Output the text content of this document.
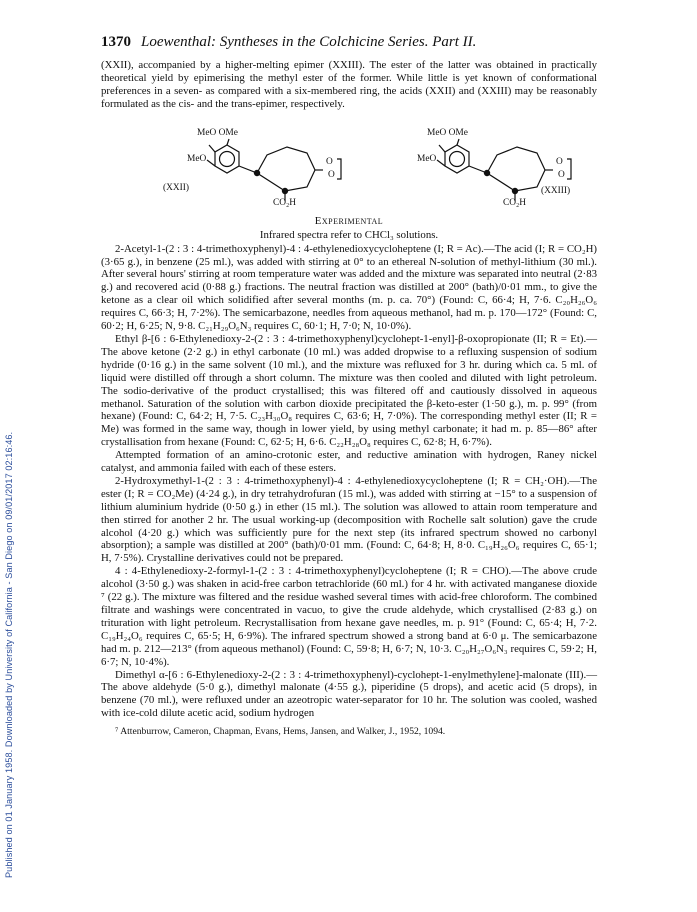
Published on 01 January 1958. Downloaded by University of California - San Diego on 09/01/2017 02:16:46.
1370 Loewenthal: Syntheses in the Colchicine Series. Part II.

(XXII), accompanied by a higher-melting epimer (XXIII). The ester of the latter was obtained in practically theoretical yield by epimerising the methyl ester of the former. While little is yet known of conformational preferences in a seven- as compared with a six-membered ring, the acids (XXII) and (XXIII) may be reasonably formulated as the cis- and the trans-epimer, respectively.

MeO OMe
MeO
(XXII)
CO₂H
O
O
MeO OMe
MeO
CO₂H
O
O
(XXIII)
Experimental
Infrared spectra refer to CHCl₃ solutions.

2-Acetyl-1-(2 : 3 : 4-trimethoxyphenyl)-4 : 4-ethylenedioxycycloheptene (I; R = Ac).—The acid (I; R = CO₂H) (3·65 g.), in benzene (25 ml.), was added with stirring at 0° to an ethereal N-solution of methyl-lithium (30 ml.). After several hours' stirring at room temperature water was added and the mixture was separated into neutral (2·83 g.) and recovered acid (0·88 g.) fractions. The neutral fraction was distilled at 200° (bath)/0·01 mm., to give the ketone as a clear oil which solidified after several months (m. p. ca. 70°) (Found: C, 66·4; H, 7·6. C₂₀H₂₆O₆ requires C, 66·3; H, 7·2%). The semicarbazone, needles from aqueous methanol, had m. p. 170—172° (Found: C, 60·2; H, 6·25; N, 9·8. C₂₁H₂₉O₆N₃ requires C, 60·1; H, 7·0; N, 10·0%).

Ethyl β-[6 : 6-Ethylenedioxy-2-(2 : 3 : 4-trimethoxyphenyl)cyclohept-1-enyl]-β-oxopropionate (II; R = Et).—The above ketone (2·2 g.) in ethyl carbonate (10 ml.) was added dropwise to a refluxing suspension of sodium hydride (0·16 g.) in the same solvent (10 ml.), and the mixture was refluxed for 3 hr. during which ca. 5 ml. of liquid were distilled off through a short column. The mixture was then cooled and diluted with light petroleum. The sodio-derivative of the product crystallised; this was filtered off and cautiously dissolved in aqueous methanol. Saturation of the solution with carbon dioxide precipitated the β-keto-ester (1·50 g.), m. p. 99° (from hexane) (Found: C, 64·2; H, 7·5. C₂₃H₃₀O₈ requires C, 63·6; H, 7·0%). The corresponding methyl ester (II; R = Me) was formed in the same way, though in lower yield, by using methyl carbonate; it had m. p. 85—86° after crystallisation from hexane (Found: C, 62·5; H, 6·6. C₂₂H₂₈O₈ requires C, 62·8; H, 6·7%).

Attempted formation of an amino-crotonic ester, and reductive amination with hydrogen, Raney nickel catalyst, and ammonia failed with each of these esters.

2-Hydroxymethyl-1-(2 : 3 : 4-trimethoxyphenyl)-4 : 4-ethylenedioxycycloheptene (I; R = CH₂·OH).—The ester (I; R = CO₂Me) (4·24 g.), in dry tetrahydrofuran (15 ml.), was added with stirring at −15° to a suspension of lithium aluminium hydride (0·50 g.) in ether (15 ml.). The solution was allowed to attain room temperature and then stirred for another 2 hr. The usual working-up (decomposition with Rochelle salt solution) gave the crude alcohol (4·20 g.) which was sufficiently pure for the next step (its infrared spectrum showed no carbonyl absorption); a sample was distilled at 200° (bath)/0·01 mm. (Found: C, 64·8; H, 8·0. C₁₉H₂₆O₆ requires C, 65·1; H, 7·5%). Crystalline derivatives could not be prepared.

4 : 4-Ethylenedioxy-2-formyl-1-(2 : 3 : 4-trimethoxyphenyl)cycloheptene (I; R = CHO).—The above crude alcohol (3·50 g.) was shaken in acid-free carbon tetrachloride (60 ml.) for 4 hr. with activated manganese dioxide ⁷ (22 g.). The mixture was filtered and the residue washed several times with acid-free chloroform. The combined filtrate and washings were concentrated in vacuo, to give the crude aldehyde, which crystallised (2·83 g.) on trituration with light petroleum. Recrystallisation from hexane gave needles, m. p. 91° (Found: C, 65·4; H, 7·2. C₁₉H₂₄O₆ requires C, 65·5; H, 6·9%). The infrared spectrum showed a strong band at 6·0 μ. The semicarbazone had m. p. 212—213° (from aqueous methanol) (Found: C, 59·8; H, 6·7; N, 10·3. C₂₀H₂₇O₆N₃ requires C, 59·2; H, 6·7; N, 10·4%).

Dimethyl α-[6 : 6-Ethylenedioxy-2-(2 : 3 : 4-trimethoxyphenyl)-cyclohept-1-enylmethylene]-malonate (III).—The above aldehyde (5·0 g.), dimethyl malonate (4·55 g.), piperidine (5 drops), and acetic acid (5 drops), in benzene (70 ml.), were refluxed under an azeotropic water-separator for 10 hr. The solution was cooled, washed with ice-cold dilute acetic acid, sodium hydrogen

⁷ Attenburrow, Cameron, Chapman, Evans, Hems, Jansen, and Walker, J., 1952, 1094.
